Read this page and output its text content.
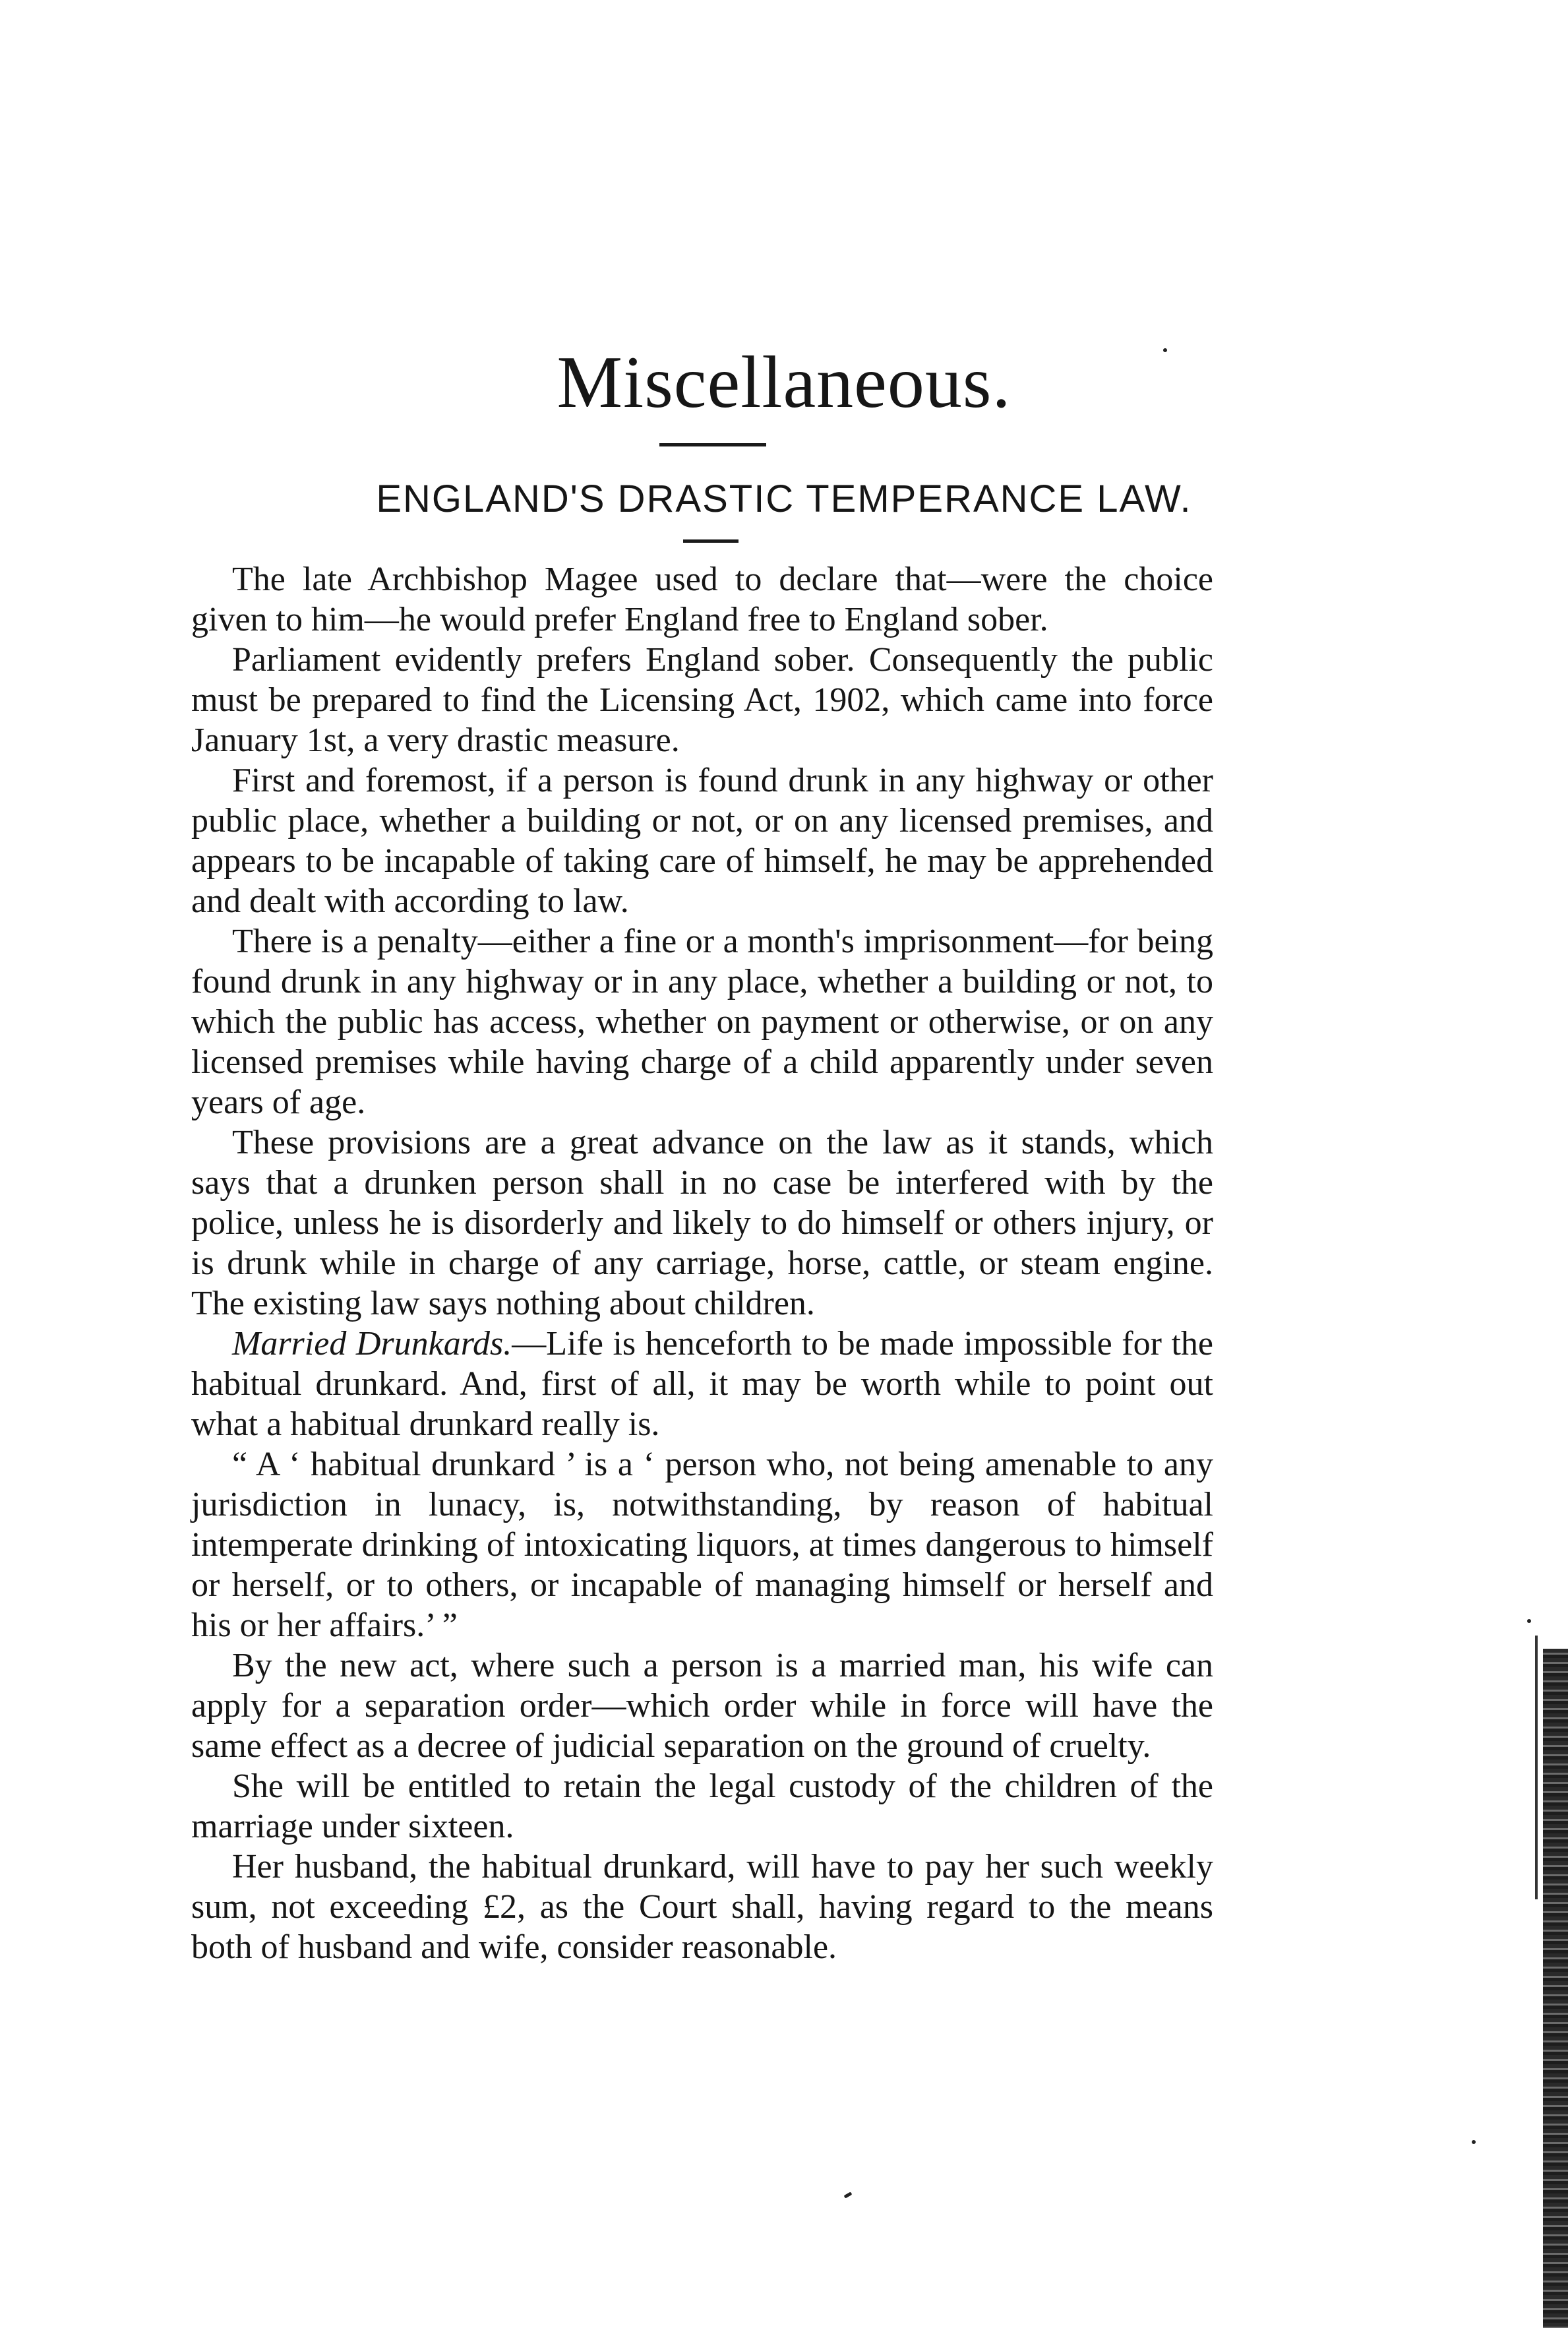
Miscellaneous.
ENGLAND'S DRASTIC TEMPERANCE LAW.

The late Archbishop Magee used to declare that—were the choice given to him—he would prefer England free to England sober.

Parliament evidently prefers England sober. Consequently the public must be prepared to find the Licensing Act, 1902, which came into force January 1st, a very drastic measure.

First and foremost, if a person is found drunk in any highway or other public place, whether a building or not, or on any licensed premises, and appears to be incapable of taking care of himself, he may be apprehended and dealt with according to law.

There is a penalty—either a fine or a month's imprisonment—for being found drunk in any highway or in any place, whether a building or not, to which the public has access, whether on payment or otherwise, or on any licensed premises while having charge of a child apparently under seven years of age.

These provisions are a great advance on the law as it stands, which says that a drunken person shall in no case be interfered with by the police, unless he is disorderly and likely to do himself or others injury, or is drunk while in charge of any carriage, horse, cattle, or steam engine. The existing law says nothing about children.

Married Drunkards.—Life is henceforth to be made impossible for the habitual drunkard. And, first of all, it may be worth while to point out what a habitual drunkard really is.

“ A ‘ habitual drunkard ’ is a ‘ person who, not being amenable to any jurisdiction in lunacy, is, notwithstanding, by reason of habitual intemperate drinking of intoxicating liquors, at times dangerous to himself or herself, or to others, or incapable of managing himself or herself and his or her affairs.’ ”

By the new act, where such a person is a married man, his wife can apply for a separation order—which order while in force will have the same effect as a decree of judicial separation on the ground of cruelty.

She will be entitled to retain the legal custody of the children of the marriage under sixteen.

Her husband, the habitual drunkard, will have to pay her such weekly sum, not exceeding £2, as the Court shall, having regard to the means both of husband and wife, consider reasonable.
